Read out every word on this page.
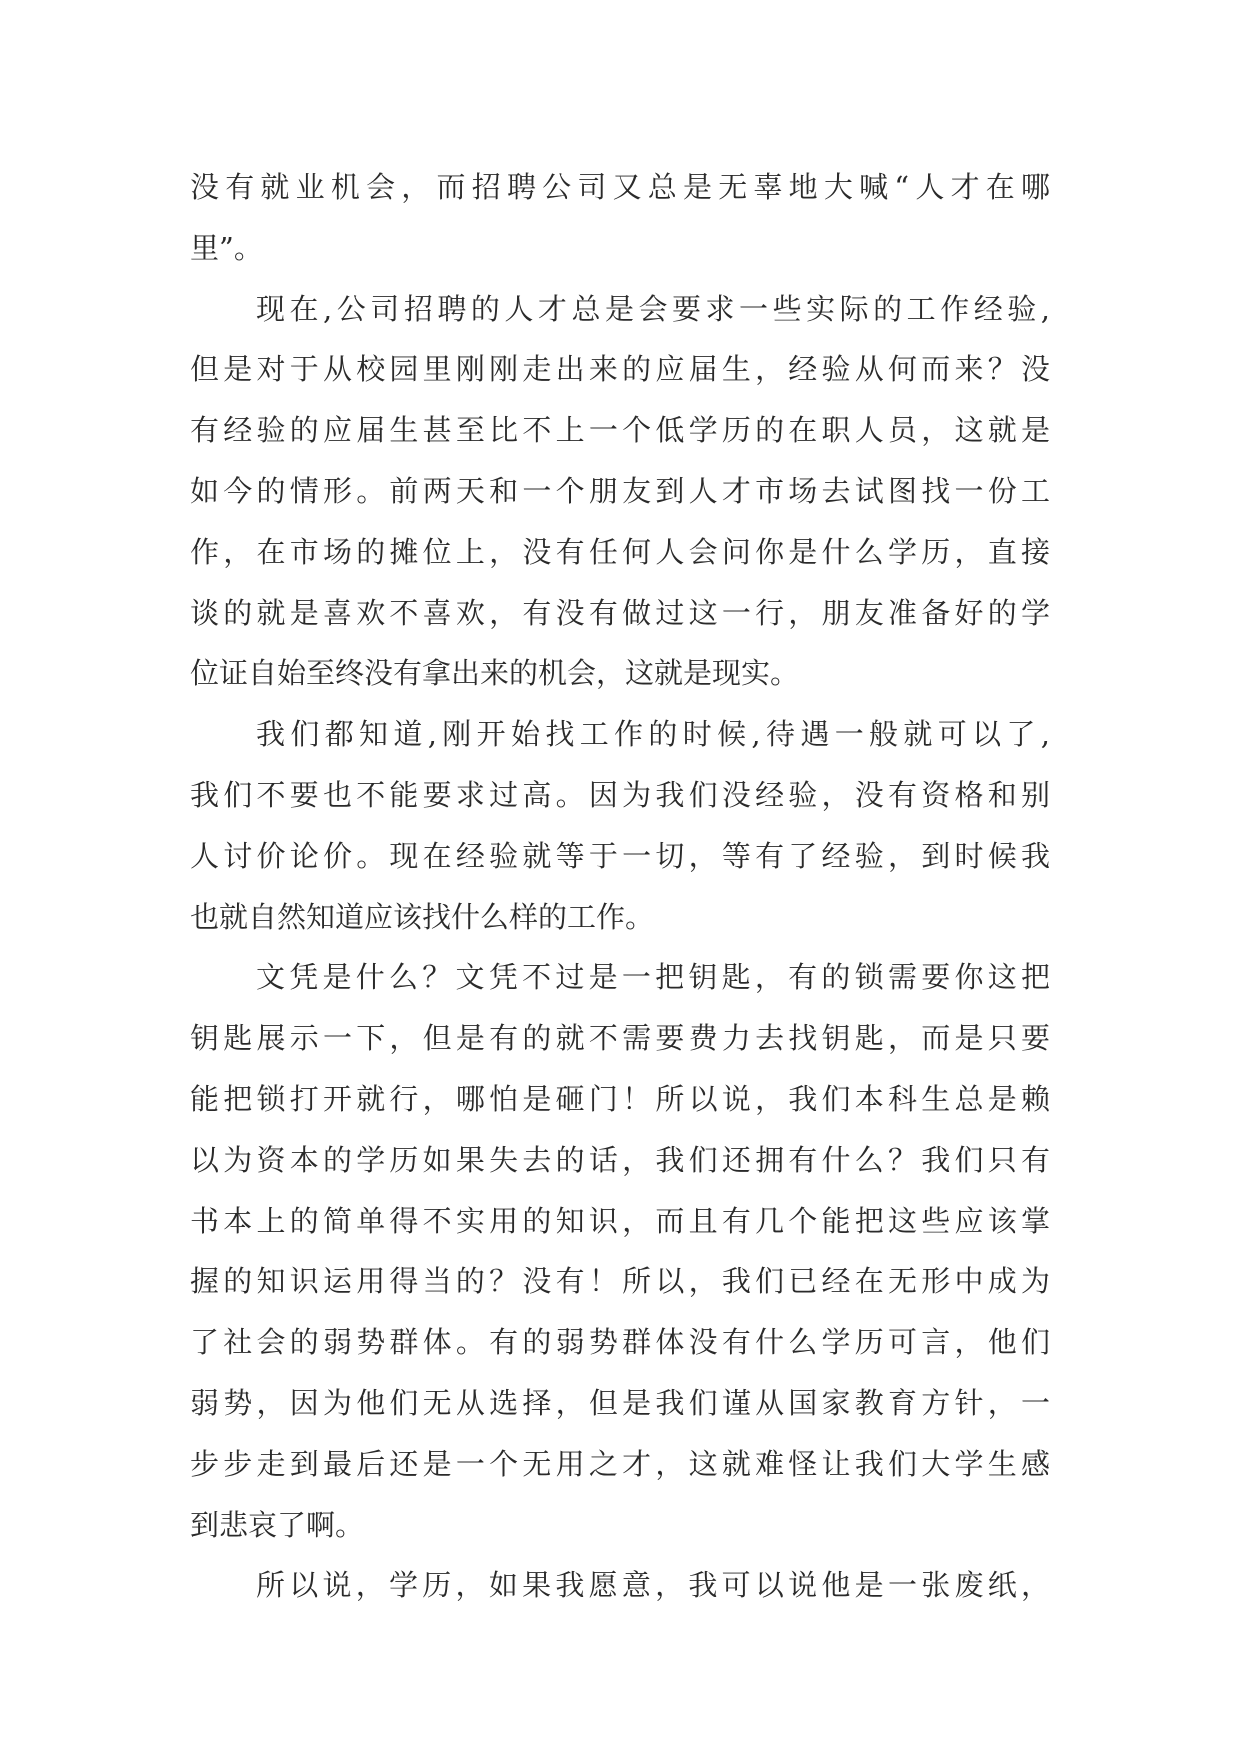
没有就业机会，而招聘公司又总是无辜地大喊“人才在哪
里”。
现在,公司招聘的人才总是会要求一些实际的工作经验,
但是对于从校园里刚刚走出来的应届生，经验从何而来？没
有经验的应届生甚至比不上一个低学历的在职人员，这就是
如今的情形。前两天和一个朋友到人才市场去试图找一份工
作，在市场的摊位上，没有任何人会问你是什么学历，直接
谈的就是喜欢不喜欢，有没有做过这一行，朋友准备好的学
位证自始至终没有拿出来的机会，这就是现实。
我们都知道,刚开始找工作的时候,待遇一般就可以了,
我们不要也不能要求过高。因为我们没经验，没有资格和别
人讨价论价。现在经验就等于一切，等有了经验，到时候我
也就自然知道应该找什么样的工作。
文凭是什么？文凭不过是一把钥匙，有的锁需要你这把
钥匙展示一下，但是有的就不需要费力去找钥匙，而是只要
能把锁打开就行，哪怕是砸门！所以说，我们本科生总是赖
以为资本的学历如果失去的话，我们还拥有什么？我们只有
书本上的简单得不实用的知识，而且有几个能把这些应该掌
握的知识运用得当的？没有！所以，我们已经在无形中成为
了社会的弱势群体。有的弱势群体没有什么学历可言，他们
弱势，因为他们无从选择，但是我们谨从国家教育方针，一
步步走到最后还是一个无用之才，这就难怪让我们大学生感
到悲哀了啊。
所以说，学历，如果我愿意，我可以说他是一张废纸，
